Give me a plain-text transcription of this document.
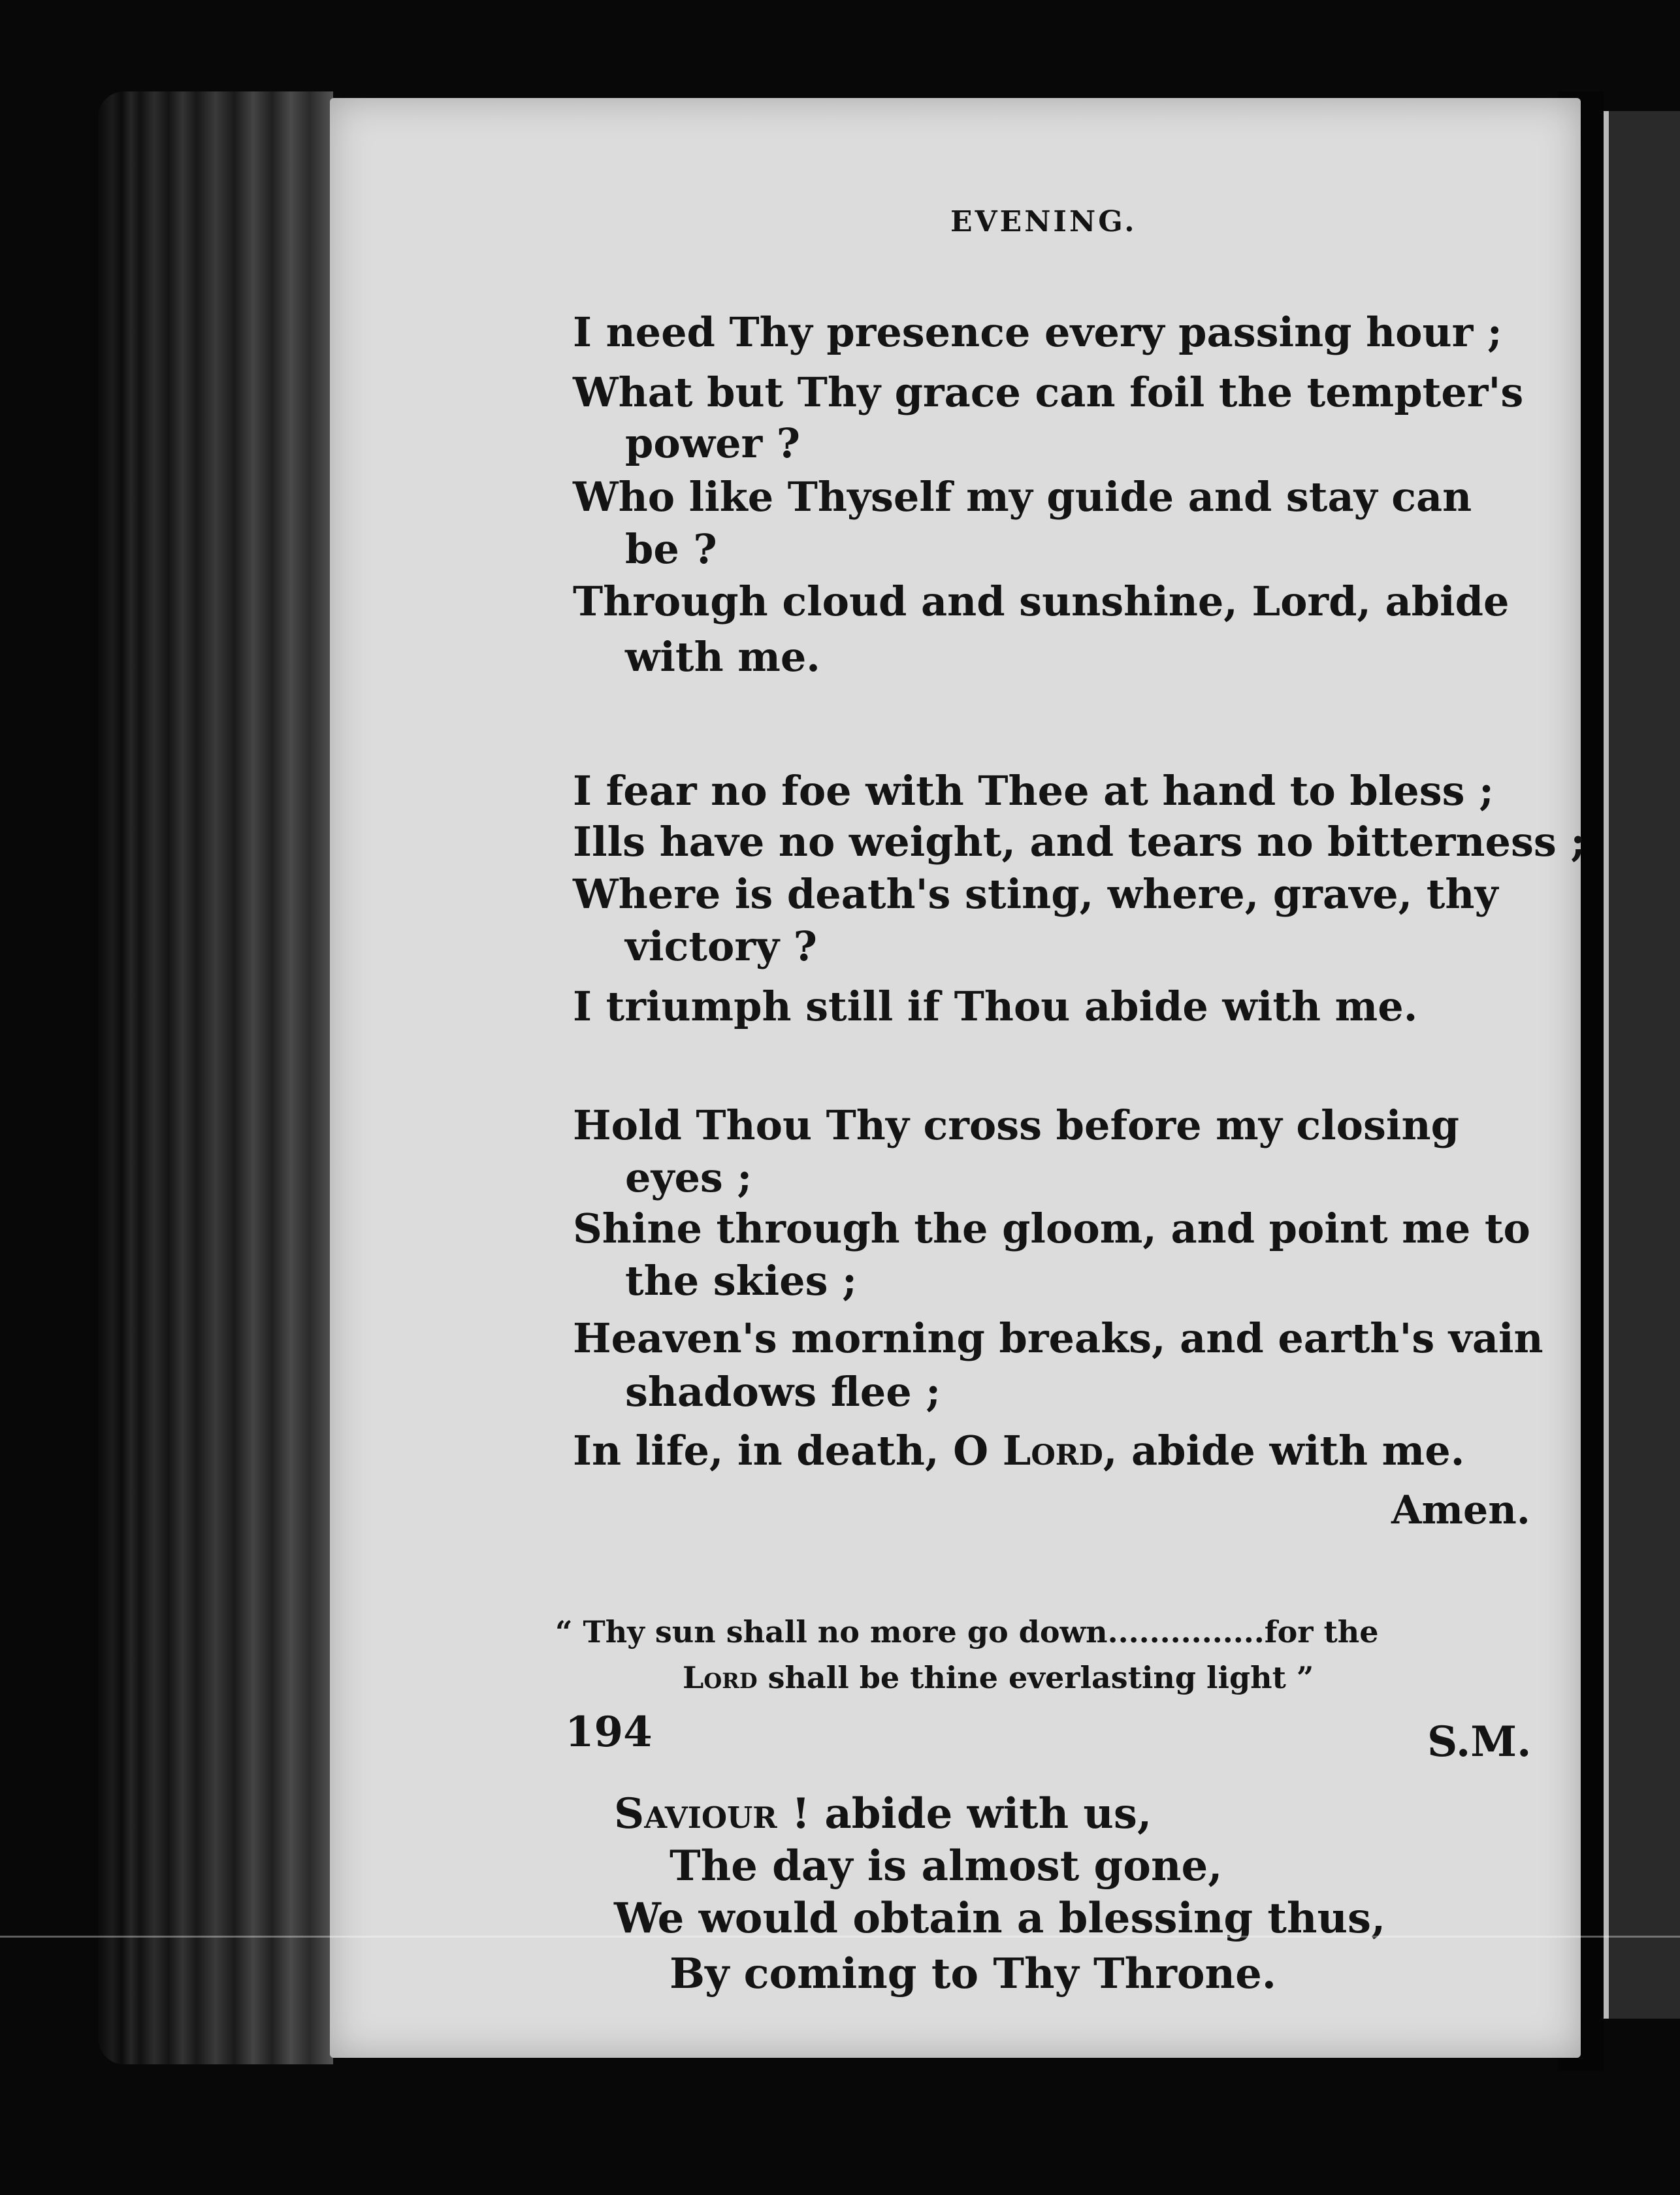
EVENING.
I need Thy presence every passing hour ;
What but Thy grace can foil the tempter's
power ?
Who like Thyself my guide and stay can
be ?
Through cloud and sunshine, Lord, abide
with me.
I fear no foe with Thee at hand to bless ;
Ills have no weight, and tears no bitterness ;
Where is death's sting, where, grave, thy
victory ?
I triumph still if Thou abide with me.
Hold Thou Thy cross before my closing
eyes ;
Shine through the gloom, and point me to
the skies ;
Heaven's morning breaks, and earth's vain
shadows flee ;
In life, in death, O Lord, abide with me.
Amen.
“ Thy sun shall no more go down...............for the
Lord shall be thine everlasting light ”
194	S.M.
Saviour ! abide with us,
The day is almost gone,
We would obtain a blessing thus,
By coming to Thy Throne.
